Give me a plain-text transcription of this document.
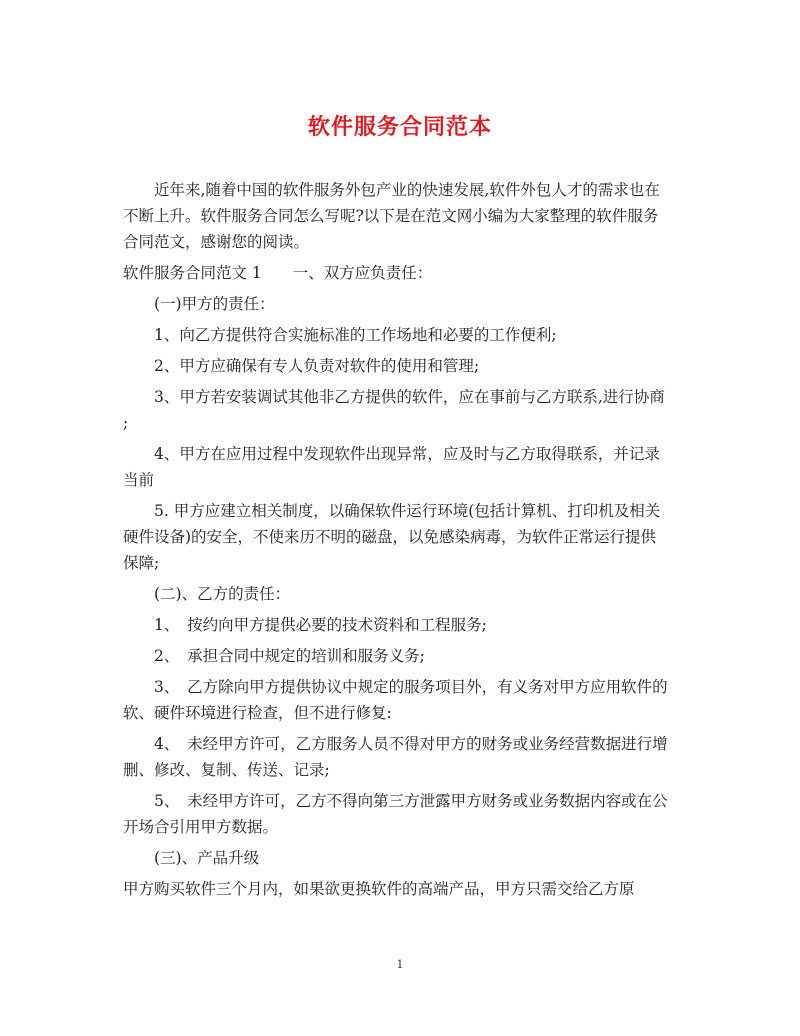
软件服务合同范本

近年来,随着中国的软件服务外包产业的快速发展,软件外包人才的需求也在
不断上升。软件服务合同怎么写呢?以下是在范文网小编为大家整理的软件服务
合同范文，感谢您的阅读。

软件服务合同范文 1　　一、双方应负责任：

(一)甲方的责任：

1、向乙方提供符合实施标准的工作场地和必要的工作便利;

2、甲方应确保有专人负责对软件的使用和管理;

3、甲方若安装调试其他非乙方提供的软件，应在事前与乙方联系,进行协商
;

4、甲方在应用过程中发现软件出现异常，应及时与乙方取得联系，并记录
当前

5. 甲方应建立相关制度，以确保软件运行环境(包括计算机、打印机及相关
硬件设备)的安全，不使来历不明的磁盘，以免感染病毒，为软件正常运行提供
保障;

(二)、乙方的责任：

1、　按约向甲方提供必要的技术资料和工程服务;

2、　承担合同中规定的培训和服务义务;

3、　乙方除向甲方提供协议中规定的服务项目外，有义务对甲方应用软件的
软、硬件环境进行检查，但不进行修复:

4、　未经甲方许可，乙方服务人员不得对甲方的财务或业务经营数据进行增
删、修改、复制、传送、记录;

5、　未经甲方许可，乙方不得向第三方泄露甲方财务或业务数据内容或在公
开场合引用甲方数据。

(三)、产品升级

甲方购买软件三个月内，如果欲更换软件的高端产品，甲方只需交给乙方原

1
